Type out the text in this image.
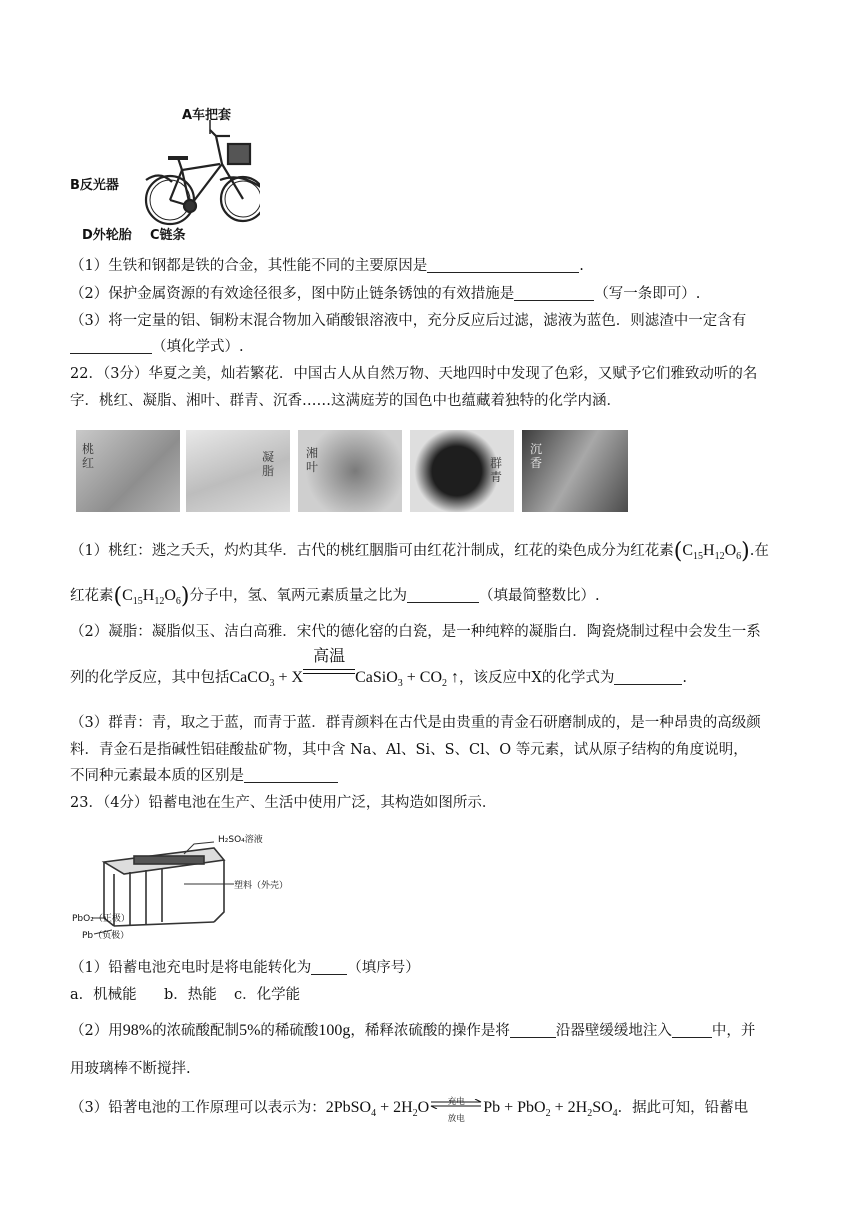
A车把套
B反光器
D外轮胎 C链条
（1）生铁和钢都是铁的合金，其性能不同的主要原因是	.
（2）保护金属资源的有效途径很多，图中防止链条锈蚀的有效措施是	（写一条即可）.
（3）将一定量的铝、铜粉末混合物加入硝酸银溶液中，充分反应后过滤，滤液为蓝色．则滤渣中一定含有
（填化学式）.
22．（3分）华夏之美，灿若繁花．中国古人从自然万物、天地四时中发现了色彩，又赋予它们雅致动听的名
字．桃红、凝脂、湘叶、群青、沉香……这满庭芳的国色中也蕴藏着独特的化学内涵．
桃红	凝脂
湘叶	群青
沉香
（1）桃红：逃之夭夭，灼灼其华．古代的桃红胭脂可由红花汁制成，红花的染色成分为红花素$(C_{15}H_{12}O_6)$.在
红花素$(C_{15}H_{12}O_6)$分子中，氢、氧两元素质量之比为	（填最简整数比）.
（2）凝脂：凝脂似玉、洁白高雅．宋代的德化窑的白瓷，是一种纯粹的凝脂白．陶瓷烧制过程中会发生一系
列的化学反应，其中包括CaCO$_3$ + X
高温
CaSiO$_3$ + $CO_2$ ↑，该反应中X的化学式为	.
（3）群青：青，取之于蓝，而青于蓝．群青颜料在古代是由贵重的青金石研磨制成的，是一种昂贵的高级颜
料．青金石是指碱性铝硅酸盐矿物，其中含 Na、Al、Si、S、Cl、O 等元素，试从原子结构的角度说明，
不同种元素最本质的区别是
23．（4分）铅蓄电池在生产、生活中使用广泛，其构造如图所示．
H₂SO₄溶液
塑料（外壳）
PbO₂（正极）
Pb（负极）
（1）铅蓄电池充电时是将电能转化为 （填序号）
a．机械能 b．热能 c．化学能
（2）用98%的浓硫酸配制5%的稀硫酸100g，稀释浓硫酸的操作是将	沿器壁缓缓地注入	中，并
用玻璃棒不断搅拌.
（3）铅著电池的工作原理可以表示为：2PbSO$_4$ + $2H_2O$	充电
放电
$Pb + PbO_2 + 2H_2SO_4$．据此可知，铅蓄电
